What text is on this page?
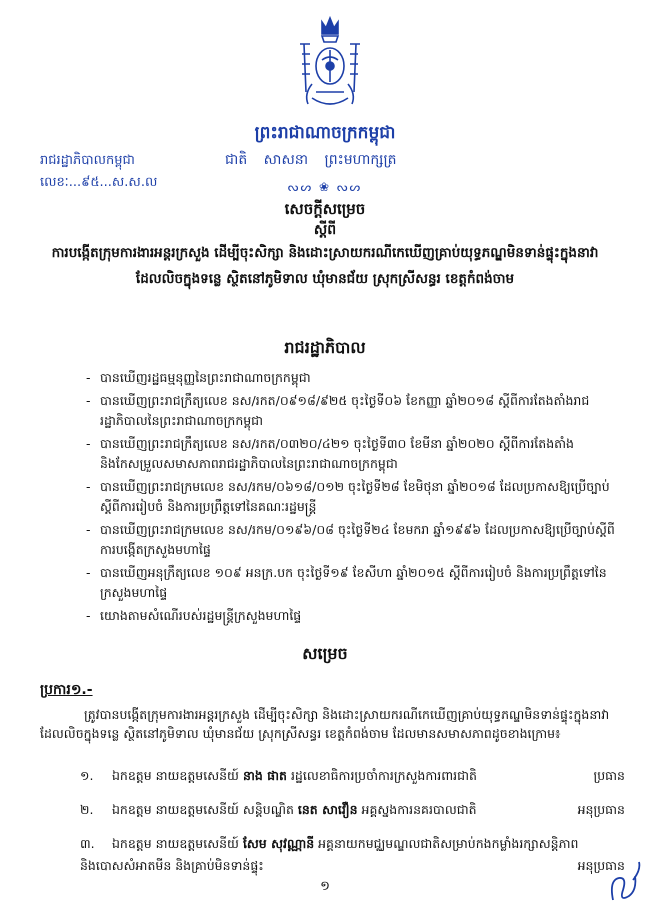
ព្រះរាជាណាចក្រកម្ពុជា
រាជរដ្ឋាភិបាលកម្ពុជា
លេខៈ...៩៥...ស.ស.ល
ជាតិ សាសនា ព្រះមហាក្សត្រ
ᔓᔕ ❀ ᔓᔕ
សេចក្ដីសម្រេច
ស្ដីពី
ការបង្កើតក្រុមការងារអន្តរក្រសួង ដើម្បីចុះសិក្សា និងដោះស្រាយករណីកេឃើញគ្រាប់យុទ្ធភណ្ឌមិនទាន់ផ្ទុះក្នុងនាវាដែលលិចក្នុងទន្លេ ស្ថិតនៅភូមិទាល ឃុំមានជ័យ ស្រុកស្រីសន្ធរ ខេត្តកំពង់ចាម
រាជរដ្ឋាភិបាល
- បានឃើញរដ្ឋធម្មនុញ្ញនៃព្រះរាជាណាចក្រកម្ពុជា
- បានឃើញព្រះរាជក្រឹត្យលេខ នស/រកត/០៩១៨/៩២៥ ចុះថ្ងៃទី០៦ ខែកញ្ញា ឆ្នាំ២០១៨ ស្ដីពីការតែងតាំងរាជរដ្ឋាភិបាលនៃព្រះរាជាណាចក្រកម្ពុជា
- បានឃើញព្រះរាជក្រឹត្យលេខ នស/រកត/០៣២០/៤២១ ចុះថ្ងៃទី៣០ ខែមីនា ឆ្នាំ២០២០ ស្ដីពីការតែងតាំងនិងកែសម្រួលសមាសភាពរាជរដ្ឋាភិបាលនៃព្រះរាជាណាចក្រកម្ពុជា
- បានឃើញព្រះរាជក្រមលេខ នស/រកម/០៦១៨/០១២ ចុះថ្ងៃទី២៨ ខែមិថុនា ឆ្នាំ២០១៨ ដែលប្រកាសឱ្យប្រើច្បាប់ស្ដីពីការរៀបចំ និងការប្រព្រឹត្តទៅនៃគណៈរដ្ឋមន្ត្រី
- បានឃើញព្រះរាជក្រមលេខ នស/រកម/០១៩៦/០៨ ចុះថ្ងៃទី២៤ ខែមករា ឆ្នាំ១៩៩៦ ដែលប្រកាសឱ្យប្រើច្បាប់ស្ដីពីការបង្កើតក្រសួងមហាផ្ទៃ
- បានឃើញអនុក្រឹត្យលេខ ១០៩ អនក្រ.បក ចុះថ្ងៃទី១៩ ខែសីហា ឆ្នាំ២០១៥ ស្ដីពីការរៀបចំ និងការប្រព្រឹត្តទៅនៃក្រសួងមហាផ្ទៃ
- យោងតាមសំណើរបស់រដ្ឋមន្ត្រីក្រសួងមហាផ្ទៃ
សម្រេច
ប្រការ១.-
ត្រូវបានបង្កើតក្រុមការងារអន្តរក្រសួង ដើម្បីចុះសិក្សា និងដោះស្រាយករណីកេឃើញគ្រាប់យុទ្ធភណ្ឌមិនទាន់ផ្ទុះក្នុងនាវាដែលលិចក្នុងទន្លេ ស្ថិតនៅភូមិទាល ឃុំមានជ័យ ស្រុកស្រីសន្ធរ ខេត្តកំពង់ចាម ដែលមានសមាសភាពដូចខាងក្រោម៖
១. ឯកឧត្តម នាយឧត្តមសេនីយ៍ នាង ផាត រដ្ឋលេខាធិការប្រចាំការក្រសួងការពារជាតិ	ប្រធាន
២. ឯកឧត្តម នាយឧត្តមសេនីយ៍ សន្តិបណ្ឌិត នេត សាវឿន អគ្គស្នងការនគរបាលជាតិ	អនុប្រធាន
៣. ឯកឧត្តម នាយឧត្តមសេនីយ៍ សែម សុវណ្ណានី អគ្គនាយកមជ្ឈមណ្ឌលជាតិសម្រាប់កងកម្លាំងរក្សាសន្តិភាព និងបោសសំអាតមីន និងគ្រាប់មិនទាន់ផ្ទុះ	អនុប្រធាន
១
